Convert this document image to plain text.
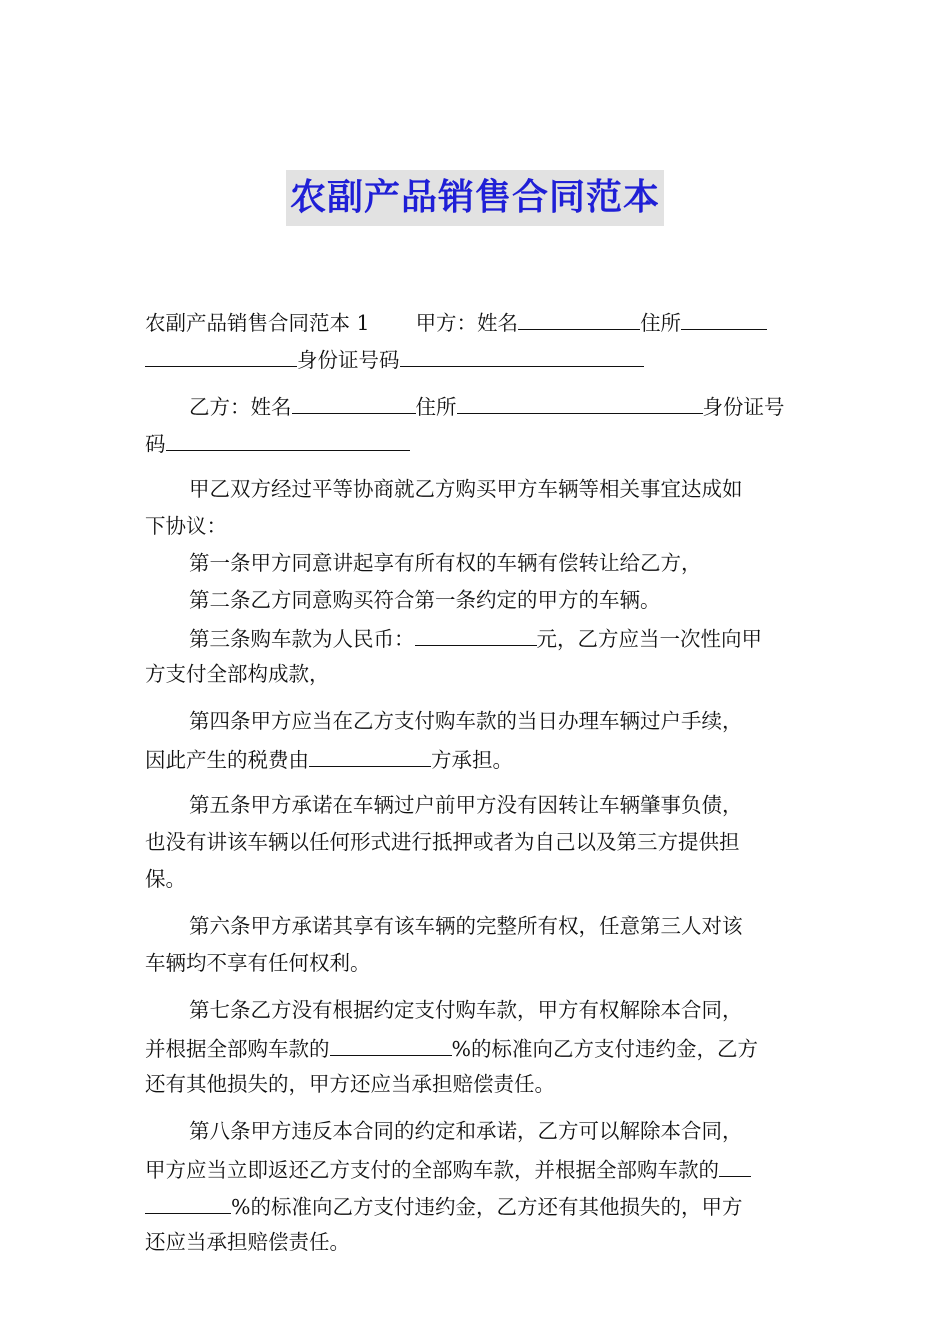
农副产品销售合同范本
农副产品销售合同范本 1 甲方：姓名	住所
身份证号码
乙方：姓名	住所	身份证号
码
甲乙双方经过平等协商就乙方购买甲方车辆等相关事宜达成如
下协议：
第一条甲方同意讲起享有所有权的车辆有偿转让给乙方，
第二条乙方同意购买符合第一条约定的甲方的车辆。
第三条购车款为人民币：	元，乙方应当一次性向甲
方支付全部构成款，
第四条甲方应当在乙方支付购车款的当日办理车辆过户手续，
因此产生的税费由	方承担。
第五条甲方承诺在车辆过户前甲方没有因转让车辆肇事负债，
也没有讲该车辆以任何形式进行抵押或者为自己以及第三方提供担
保。
第六条甲方承诺其享有该车辆的完整所有权，任意第三人对该
车辆均不享有任何权利。
第七条乙方没有根据约定支付购车款，甲方有权解除本合同，
并根据全部购车款的	%的标准向乙方支付违约金，乙方
还有其他损失的，甲方还应当承担赔偿责任。
第八条甲方违反本合同的约定和承诺，乙方可以解除本合同，
甲方应当立即返还乙方支付的全部购车款，并根据全部购车款的
%的标准向乙方支付违约金，乙方还有其他损失的，甲方
还应当承担赔偿责任。
